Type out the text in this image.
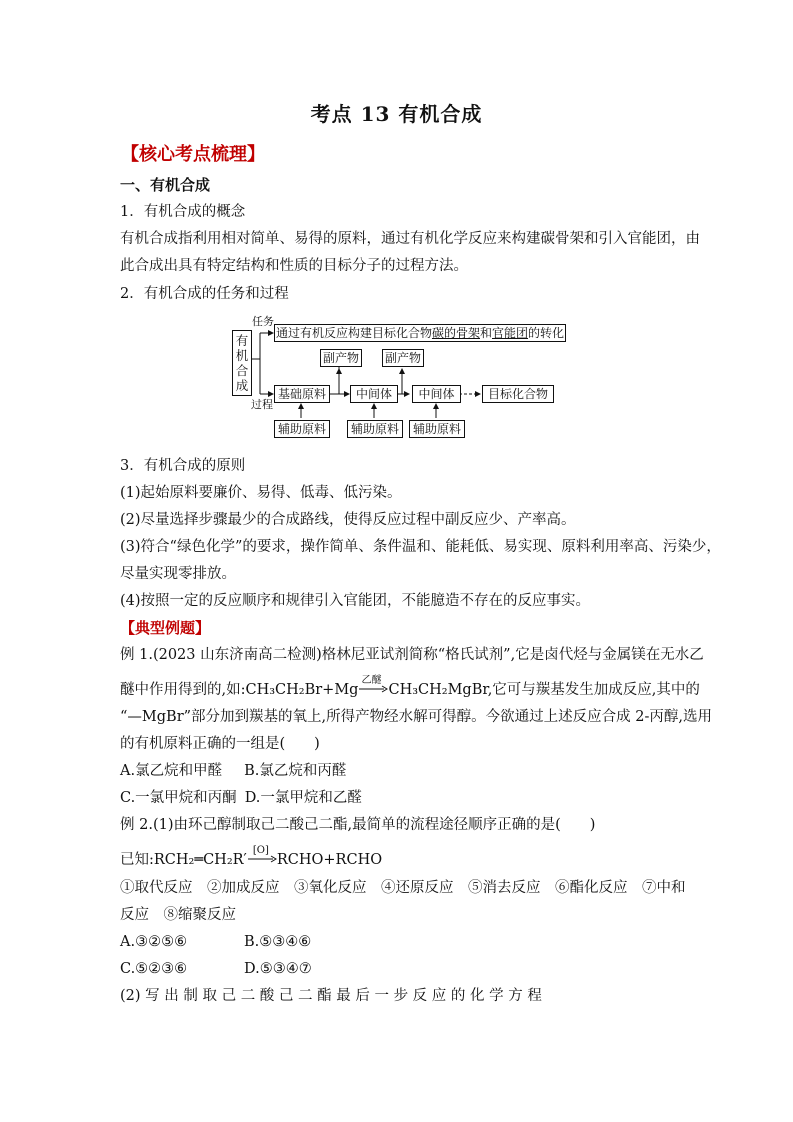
考点 13 有机合成
【核心考点梳理】
一、有机合成
1．有机合成的概念
有机合成指利用相对简单、易得的原料，通过有机化学反应来构建碳骨架和引入官能团，由
此合成出具有特定结构和性质的目标分子的过程方法。
2．有机合成的任务和过程
有机合成
任务
过程
通过有机反应构建目标化合物碳的骨架和官能团的转化
副产物 副产物
基础原料	中间体	中间体	目标化合物
辅助原料	辅助原料	辅助原料
3．有机合成的原则
(1)起始原料要廉价、易得、低毒、低污染。
(2)尽量选择步骤最少的合成路线，使得反应过程中副反应少、产率高。
(3)符合“绿色化学”的要求，操作简单、条件温和、能耗低、易实现、原料利用率高、污染少，
尽量实现零排放。
(4)按照一定的反应顺序和规律引入官能团，不能臆造不存在的反应事实。
【典型例题】
例 1.(2023 山东济南高二检测)格林尼亚试剂简称“格氏试剂”,它是卤代烃与金属镁在无水乙
醚中作用得到的,如:CH₃CH₂Br+Mg
乙醚
CH₃CH₂MgBr,它可与羰基发生加成反应,其中的
“—MgBr”部分加到羰基的氧上,所得产物经水解可得醇。今欲通过上述反应合成 2-丙醇,选用
的有机原料正确的一组是(　　)
A.氯乙烷和甲醛 B.氯乙烷和丙醛
C.一氯甲烷和丙酮 D.一氯甲烷和乙醛
例 2.(1)由环己醇制取己二酸己二酯,最简单的流程途径顺序正确的是(　　)
已知:RCH₂═CH₂R′
[O]
RCHO+RCHO
①取代反应　②加成反应　③氧化反应　④还原反应　⑤消去反应　⑥酯化反应　⑦中和
反应　⑧缩聚反应
A.③②⑤⑥	B.⑤③④⑥
C.⑤②③⑥	D.⑤③④⑦
(2) 写 出 制 取 己 二 酸 己 二 酯 最 后 一 步 反 应 的 化 学 方 程
